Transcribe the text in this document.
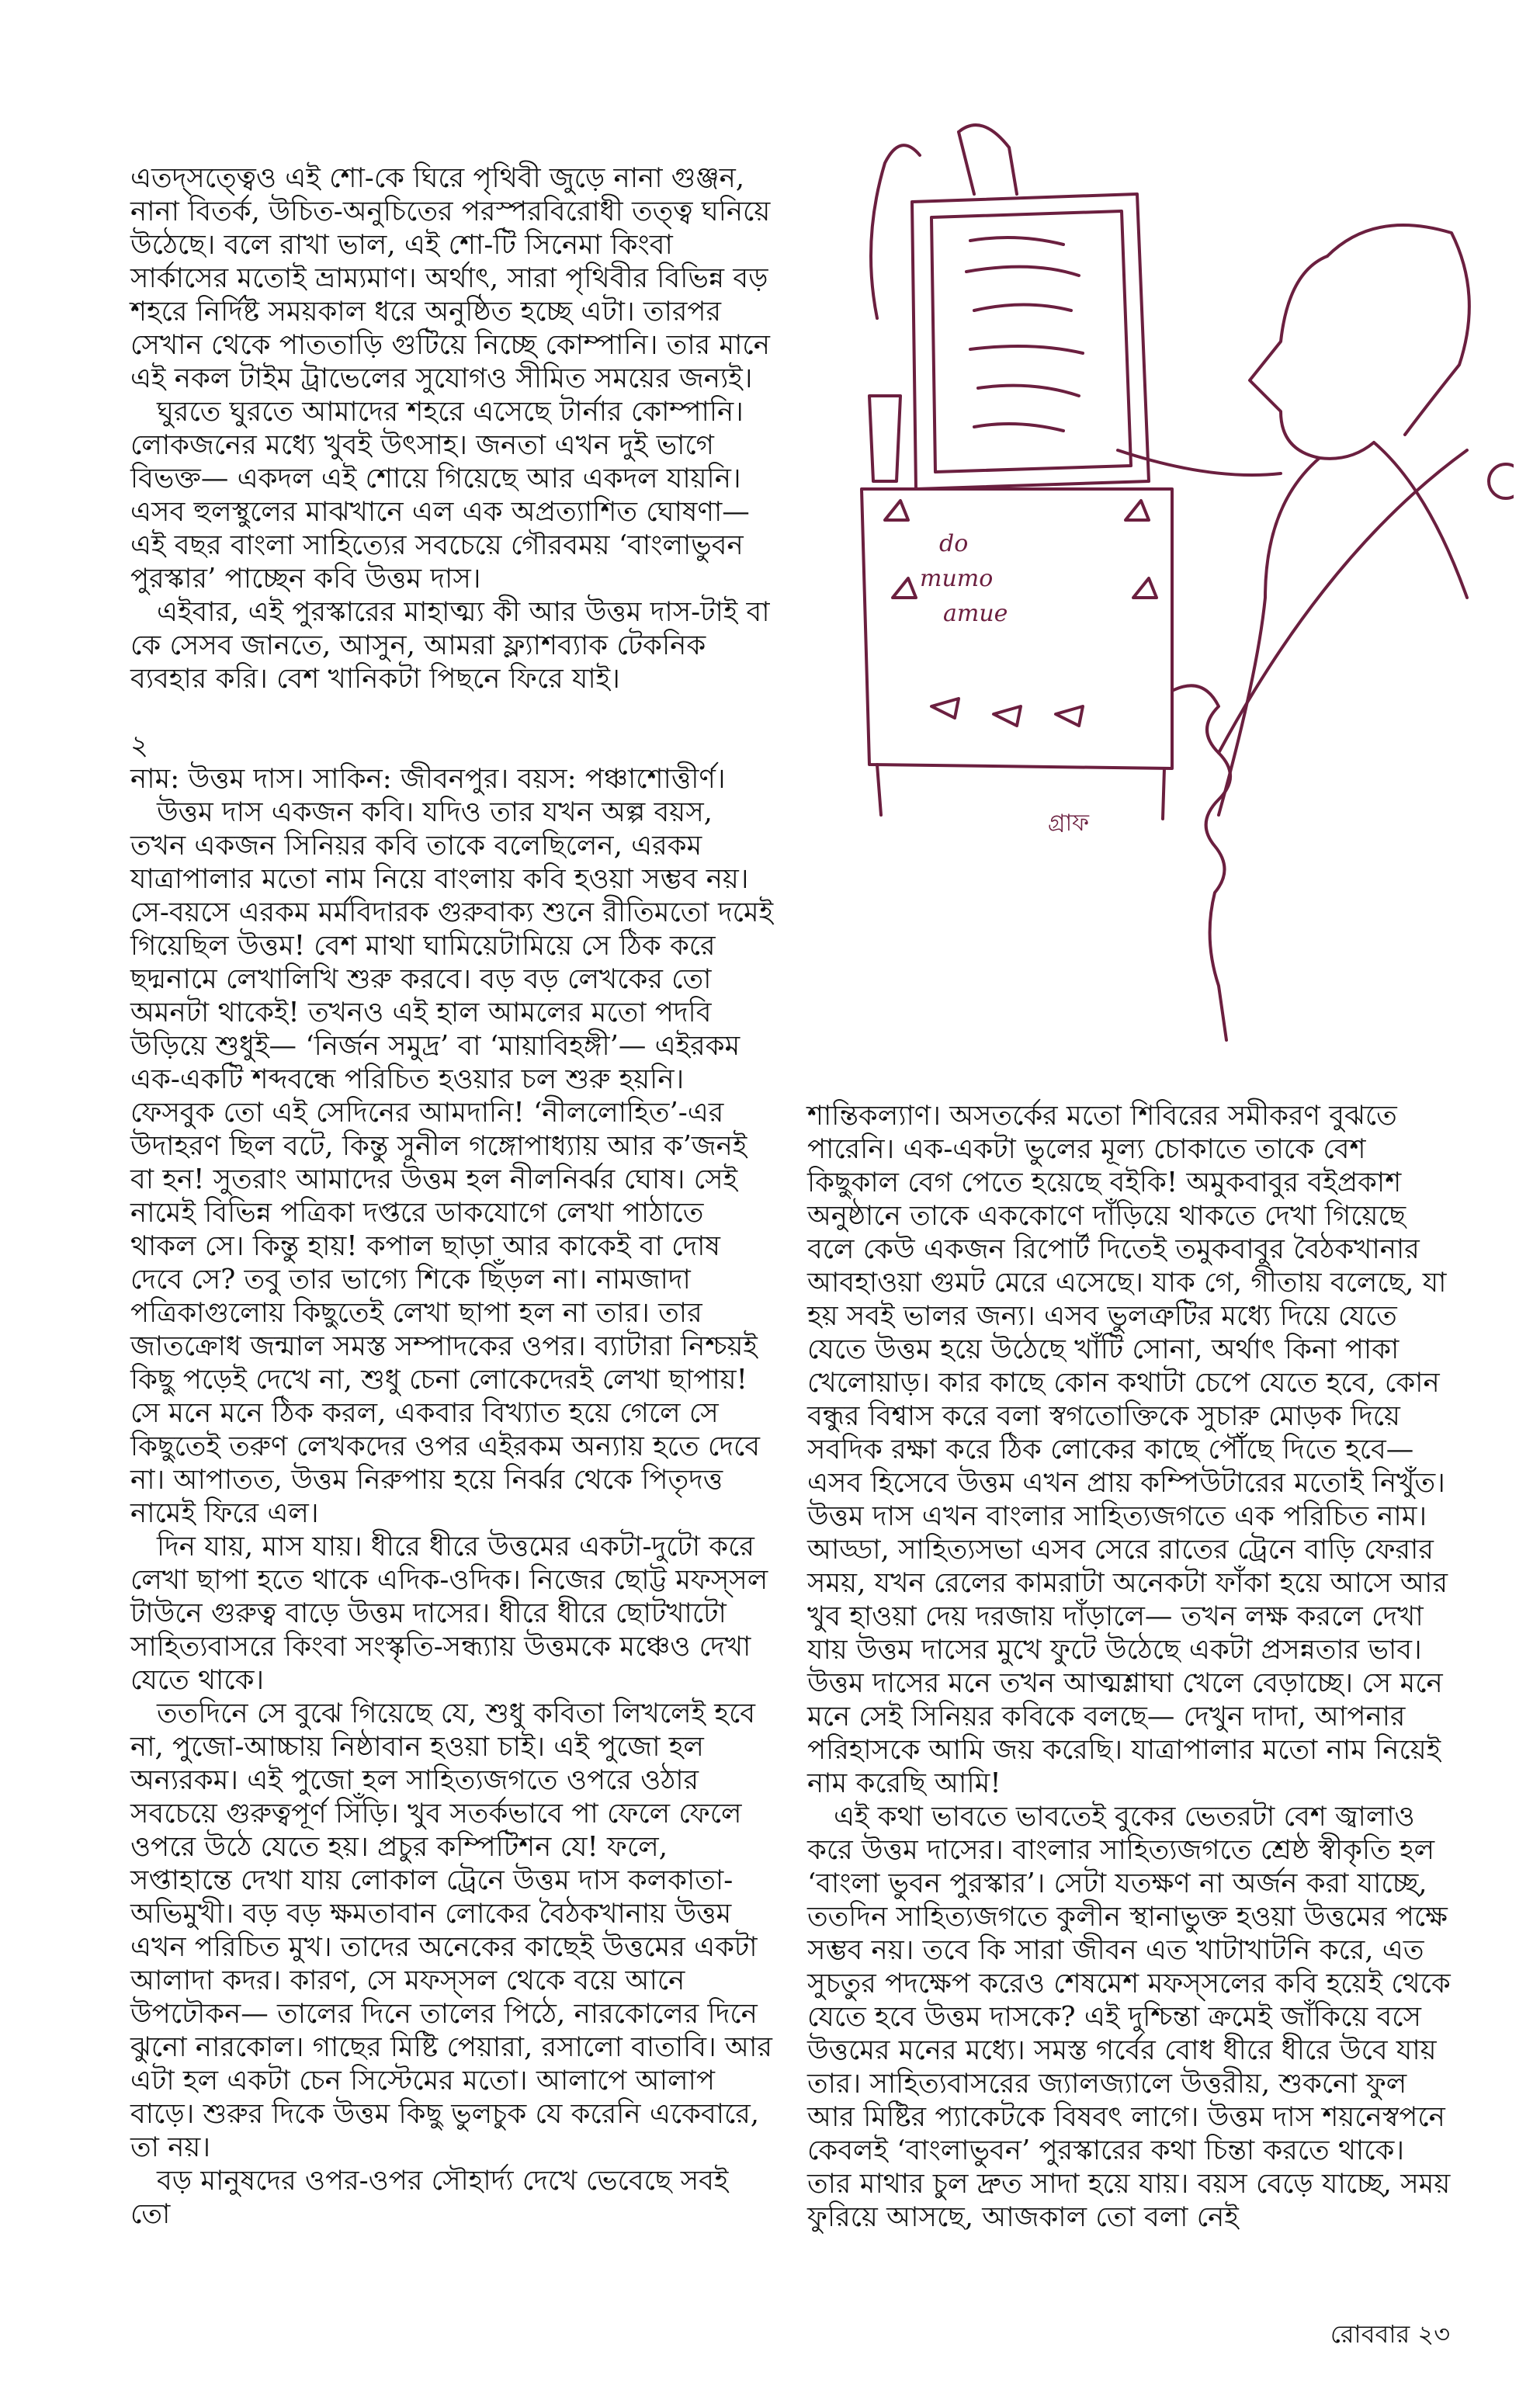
এতদ্‌সত্ত্বেও এই শো-কে ঘিরে পৃথিবী জুড়ে নানা গুঞ্জন, নানা বিতর্ক, উচিত-অনুচিতের পরস্পরবিরোধী তত্ত্ব ঘনিয়ে উঠেছে। বলে রাখা ভাল, এই শো-টি সিনেমা কিংবা সার্কাসের মতোই ভ্রাম্যমাণ। অর্থাৎ, সারা পৃথিবীর বিভিন্ন বড় শহরে নির্দিষ্ট সময়কাল ধরে অনুষ্ঠিত হচ্ছে এটা। তারপর সেখান থেকে পাততাড়ি গুটিয়ে নিচ্ছে কোম্পানি। তার মানে এই নকল টাইম ট্রাভেলের সুযোগও সীমিত সময়ের জন্যই।

ঘুরতে ঘুরতে আমাদের শহরে এসেছে টার্নার কোম্পানি। লোকজনের মধ্যে খুবই উৎসাহ। জনতা এখন দুই ভাগে বিভক্ত— একদল এই শোয়ে গিয়েছে আর একদল যায়নি। এসব হুলস্থুলের মাঝখানে এল এক অপ্রত্যাশিত ঘোষণা— এই বছর বাংলা সাহিত্যের সবচেয়ে গৌরবময় ‘বাংলাভুবন পুরস্কার’ পাচ্ছেন কবি উত্তম দাস।

এইবার, এই পুরস্কারের মাহাত্ম্য কী আর উত্তম দাস-টাই বা কে সেসব জানতে, আসুন, আমরা ফ্ল্যাশব্যাক টেকনিক ব্যবহার করি। বেশ খানিকটা পিছনে ফিরে যাই।

২

নাম: উত্তম দাস। সাকিন: জীবনপুর। বয়স: পঞ্চাশোত্তীর্ণ।

উত্তম দাস একজন কবি। যদিও তার যখন অল্প বয়স, তখন একজন সিনিয়র কবি তাকে বলেছিলেন, এরকম যাত্রাপালার মতো নাম নিয়ে বাংলায় কবি হওয়া সম্ভব নয়। সে-বয়সে এরকম মর্মবিদারক গুরুবাক্য শুনে রীতিমতো দমেই গিয়েছিল উত্তম! বেশ মাথা ঘামিয়েটামিয়ে সে ঠিক করে ছদ্মনামে লেখালিখি শুরু করবে। বড় বড় লেখকের তো অমনটা থাকেই! তখনও এই হাল আমলের মতো পদবি উড়িয়ে শুধুই— ‘নির্জন সমুদ্র’ বা ‘মায়াবিহঙ্গী’— এইরকম এক-একটি শব্দবন্ধে পরিচিত হওয়ার চল শুরু হয়নি। ফেসবুক তো এই সেদিনের আমদানি! ‘নীললোহিত’-এর উদাহরণ ছিল বটে, কিন্তু সুনীল গঙ্গোপাধ্যায় আর ক’জনই বা হন! সুতরাং আমাদের উত্তম হল নীলনির্ঝর ঘোষ। সেই নামেই বিভিন্ন পত্রিকা দপ্তরে ডাকযোগে লেখা পাঠাতে থাকল সে। কিন্তু হায়! কপাল ছাড়া আর কাকেই বা দোষ দেবে সে? তবু তার ভাগ্যে শিকে ছিঁড়ল না। নামজাদা পত্রিকাগুলোয় কিছুতেই লেখা ছাপা হল না তার। তার জাতক্রোধ জন্মাল সমস্ত সম্পাদকের ওপর। ব্যাটারা নিশ্চয়ই কিছু পড়েই দেখে না, শুধু চেনা লোকেদেরই লেখা ছাপায়! সে মনে মনে ঠিক করল, একবার বিখ্যাত হয়ে গেলে সে কিছুতেই তরুণ লেখকদের ওপর এইরকম অন্যায় হতে দেবে না। আপাতত, উত্তম নিরুপায় হয়ে নির্ঝর থেকে পিতৃদত্ত নামেই ফিরে এল।

দিন যায়, মাস যায়। ধীরে ধীরে উত্তমের একটা-দুটো করে লেখা ছাপা হতে থাকে এদিক-ওদিক। নিজের ছোট্ট মফস্সল টাউনে গুরুত্ব বাড়ে উত্তম দাসের। ধীরে ধীরে ছোটখাটো সাহিত্যবাসরে কিংবা সংস্কৃতি-সন্ধ্যায় উত্তমকে মঞ্চেও দেখা যেতে থাকে।

ততদিনে সে বুঝে গিয়েছে যে, শুধু কবিতা লিখলেই হবে না, পুজো-আচ্চায় নিষ্ঠাবান হওয়া চাই। এই পুজো হল অন্যরকম। এই পুজো হল সাহিত্যজগতে ওপরে ওঠার সবচেয়ে গুরুত্বপূর্ণ সিঁড়ি। খুব সতর্কভাবে পা ফেলে ফেলে ওপরে উঠে যেতে হয়। প্রচুর কম্পিটিশন যে! ফলে, সপ্তাহান্তে দেখা যায় লোকাল ট্রেনে উত্তম দাস কলকাতা-অভিমুখী। বড় বড় ক্ষমতাবান লোকের বৈঠকখানায় উত্তম এখন পরিচিত মুখ। তাদের অনেকের কাছেই উত্তমের একটা আলাদা কদর। কারণ, সে মফস্সল থেকে বয়ে আনে উপঢৌকন— তালের দিনে তালের পিঠে, নারকোলের দিনে ঝুনো নারকোল। গাছের মিষ্টি পেয়ারা, রসালো বাতাবি। আর এটা হল একটা চেন সিস্টেমের মতো। আলাপে আলাপ বাড়ে। শুরুর দিকে উত্তম কিছু ভুলচুক যে করেনি একেবারে, তা নয়।

বড় মানুষদের ওপর-ওপর সৌহার্দ্য দেখে ভেবেছে সবই তো

do
mumo
amue
গ্রাফ

শান্তিকল্যাণ। অসতর্কের মতো শিবিরের সমীকরণ বুঝতে পারেনি। এক-একটা ভুলের মূল্য চোকাতে তাকে বেশ কিছুকাল বেগ পেতে হয়েছে বইকি! অমুকবাবুর বইপ্রকাশ অনুষ্ঠানে তাকে এককোণে দাঁড়িয়ে থাকতে দেখা গিয়েছে বলে কেউ একজন রিপোর্ট দিতেই তমুকবাবুর বৈঠকখানার আবহাওয়া গুমট মেরে এসেছে। যাক গে, গীতায় বলেছে, যা হয় সবই ভালর জন্য। এসব ভুলত্রুটির মধ্যে দিয়ে যেতে যেতে উত্তম হয়ে উঠেছে খাঁটি সোনা, অর্থাৎ কিনা পাকা খেলোয়াড়। কার কাছে কোন কথাটা চেপে যেতে হবে, কোন বন্ধুর বিশ্বাস করে বলা স্বগতোক্তিকে সুচারু মোড়ক দিয়ে সবদিক রক্ষা করে ঠিক লোকের কাছে পৌঁছে দিতে হবে— এসব হিসেবে উত্তম এখন প্রায় কম্পিউটারের মতোই নিখুঁত। উত্তম দাস এখন বাংলার সাহিত্যজগতে এক পরিচিত নাম। আড্ডা, সাহিত্যসভা এসব সেরে রাতের ট্রেনে বাড়ি ফেরার সময়, যখন রেলের কামরাটা অনেকটা ফাঁকা হয়ে আসে আর খুব হাওয়া দেয় দরজায় দাঁড়ালে— তখন লক্ষ করলে দেখা যায় উত্তম দাসের মুখে ফুটে উঠেছে একটা প্রসন্নতার ভাব। উত্তম দাসের মনে তখন আত্মশ্লাঘা খেলে বেড়াচ্ছে। সে মনে মনে সেই সিনিয়র কবিকে বলছে— দেখুন দাদা, আপনার পরিহাসকে আমি জয় করেছি। যাত্রাপালার মতো নাম নিয়েই নাম করেছি আমি!

এই কথা ভাবতে ভাবতেই বুকের ভেতরটা বেশ জ্বালাও করে উত্তম দাসের। বাংলার সাহিত্যজগতে শ্রেষ্ঠ স্বীকৃতি হল ‘বাংলা ভুবন পুরস্কার’। সেটা যতক্ষণ না অর্জন করা যাচ্ছে, ততদিন সাহিত্যজগতে কুলীন স্থানাভুক্ত হওয়া উত্তমের পক্ষে সম্ভব নয়। তবে কি সারা জীবন এত খাটাখাটনি করে, এত সুচতুর পদক্ষেপ করেও শেষমেশ মফস্সলের কবি হয়েই থেকে যেতে হবে উত্তম দাসকে? এই দুশ্চিন্তা ক্রমেই জাঁকিয়ে বসে উত্তমের মনের মধ্যে। সমস্ত গর্বের বোধ ধীরে ধীরে উবে যায় তার। সাহিত্যবাসরের জ্যালজ্যালে উত্তরীয়, শুকনো ফুল আর মিষ্টির প্যাকেটকে বিষবৎ লাগে। উত্তম দাস শয়নেস্বপনে কেবলই ‘বাংলাভুবন’ পুরস্কারের কথা চিন্তা করতে থাকে। তার মাথার চুল দ্রুত সাদা হয়ে যায়। বয়স বেড়ে যাচ্ছে, সময় ফুরিয়ে আসছে, আজকাল তো বলা নেই

রোববার ২৩
